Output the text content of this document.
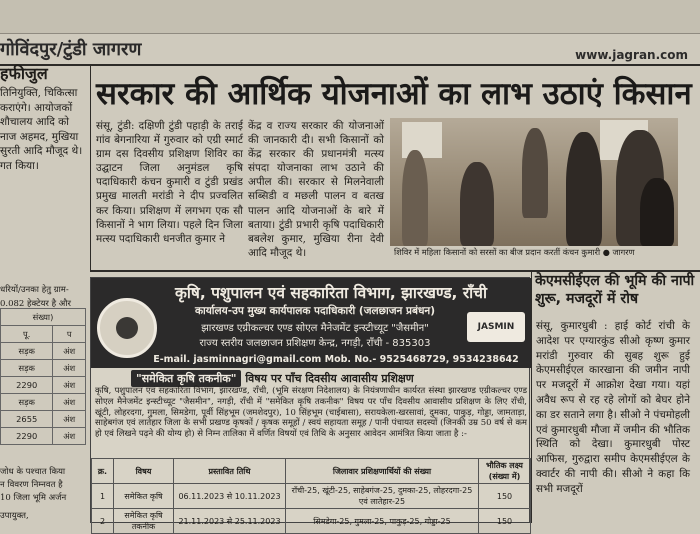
गोविंदपुर/टुंडी जागरण	www.jagran.com
हफीजुल
तिनियुक्ति, चिकित्सा
कराएंगे। आयोजकों
शौचालय आदि को
नाज अहमद, मुखिया
सुरती आदि मौजूद थे।
गत किया।
सरकार की आर्थिक योजनाओं का लाभ उठाएं किसान
संसू, टुंडी: दक्षिणी टुंडी पहाड़ी के तराई गांव बेगनारिया में गुरुवार को एग्री स्मार्ट ग्राम दस दिवसीय प्रशिक्षण शिविर का उद्घाटन जिला अनुमंडल कृषि पदाधिकारी कंचन कुमारी व टुंडी प्रखंड प्रमुख मालती मरांडी ने दीप प्रज्वलित कर किया। प्रशिक्षण में लगभग एक सौ किसानों ने भाग लिया। पहले दिन जिला मत्स्य पदाधिकारी धनजीत कुमार ने
केंद्र व राज्य सरकार की योजनाओं की जानकारी दी। सभी किसानों को केंद्र सरकार की प्रधानमंत्री मत्स्य संपदा योजनाका लाभ उठाने की अपील की। सरकार से मिलनेवाली सब्सिडी व मछली पालन व बतख पालन आदि योजनाओं के बारे में बताया। टुंडी प्रभारी कृषि पदाधिकारी बबलेश कुमार, मुखिया रीना देवी आदि मौजूद थे।	शिविर में महिला किसानों को सरसों का बीज प्रदान करतीं कंचन कुमारी ● जागरण
धरियों/उनका हेतु ग्राम-
0.082 हेक्टेयर है और
संख्या)	
पू.	प
सड़क	अंश
सड़क	अंश
2290	अंश
सड़क	अंश
2655	अंश
2290	अंश
जोध के पश्चात किया
न विवरण निम्नवत है
10 जिला भूमि अर्जन
उपायुक्त,
कृषि, पशुपालन एवं सहकारिता विभाग, झारखण्ड, राँची
कार्यालय-उप मुख्य कार्यपालक पदाधिकारी (जलछाजन प्रबंधन)
झारखण्ड एग्रीकल्चर एण्ड सोएल मैनेजमेंट इन्स्टीच्यूट "जैसमीन"
राज्य स्तरीय जलछाजन प्रशिक्षण केन्द्र, नगड़ी, राँची - 835303
JASMIN
E-mail. jasminnagri@gmail.com Mob. No.- 9525468729, 9534238642
"समेकित कृषि तकनीक" विषय पर पाँच दिवसीय आवासीय प्रशिक्षण
कृषि, पशुपालन एवं सहकारिता विभाग, झारखण्ड, राँची, (भूमि संरक्षण निदेशालय) के नियंत्रणाधीन कार्यरत संस्था झारखण्ड एग्रीकल्चर एण्ड सोएल मैनेजमेंट इन्स्टीच्यूट "जैसमीन", नगड़ी, राँची में "समेकित कृषि तकनीक" विषय पर पाँच दिवसीय आवासीय प्रशिक्षण के लिए राँची, खूंटी, लोहरदगा, गुमला, सिमडेगा, पूर्वी सिंहभूम (जमशेदपुर), 10 सिंहभूम (चाईबासा), सरायकेला-खरसावां, दुमका, पाकुड़, गोड्डा, जामताड़ा, साहेबगंज एवं लातेहार जिला के सभी प्रखण्ड कृषकों / कृषक समूहों / स्वयं सहायता समूह / पानी पंचायत सदस्यों (जिनकी उम्र 50 वर्ष से कम हो एवं लिखने पढ़ने की योग्य हो) से निम्न तालिका में वर्णित विषयों एवं तिथि के अनुसार आवेदन आमंत्रित किया जाता है :-
क्र.	विषय	प्रस्तावित तिथि	जिलावार प्रशिक्षणार्थियों की संख्या	भौतिक लक्ष्य (संख्या में)
1	समेकित कृषि	06.11.2023 से 10.11.2023	राँची-25, खूंटी-25, साहेबगंज-25, दुमका-25, लोहरदगा-25 एवं लातेहार-25	150
2	समेकित कृषि तकनीक	21.11.2023 से 25.11.2023	सिमडेगा-25, गुमला-25, पाकुड़-25, गोड्डा-25	150
केएमसीईएल की भूमि की नापी शुरू, मजदूरों में रोष
संसू, कुमारधुबी : हाई कोर्ट रांची के आदेश पर एग्यारकुंड सीओ कृष्ण कुमार मरांडी गुरुवार की सुबह शुरू हुई केएमसीईएल कारखाना की जमीन नापी पर मजदूरों में आक्रोश देखा गया। यहां अवैध रूप से रह रहे लोगों को बेघर होने का डर सताने लगा है। सीओ ने पंचमोहली एवं कुमारधुबी मौजा में जमीन की भौतिक स्थिति को देखा। कुमारधुबी पोस्ट आफिस, गुरुद्वारा समीप केएमसीईएल के क्वार्टर की नापी की। सीओ ने कहा कि सभी मजदूरों
